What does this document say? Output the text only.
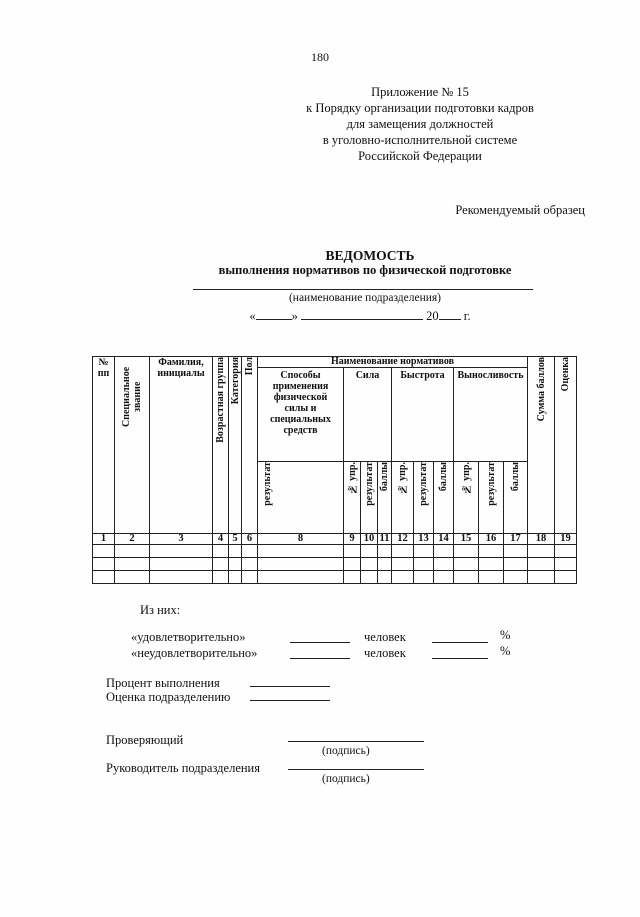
180
Приложение № 15
к Порядку организации подготовки кадров
для замещения должностей
в уголовно-исполнительной системе
Российской Федерации
Рекомендуемый образец
ВЕДОМОСТЬ
выполнения нормативов по физической подготовке
(наименование подразделения)
«	»	20 г.
№ пп	Специальное звание	Фамилия, инициалы	Возрастная группа	Категория	Пол	Наименование нормативов										Сумма баллов	Оценка

						Способы применения физической силы и специальных средств	Сила			Быстрота			Выносливость				

						результат	№ упр.	результат	баллы	№ упр.	результат	баллы	№ упр.	результат	баллы		

1	2	3	4	5	6	8	9	10	11	12	13	14	15	16	17	18	19

Из них:
«удовлетворительно»	человек	%
«неудовлетворительно»	человек	%
Процент выполнения
Оценка подразделению
Проверяющий
(подпись)
Руководитель подразделения
(подпись)
